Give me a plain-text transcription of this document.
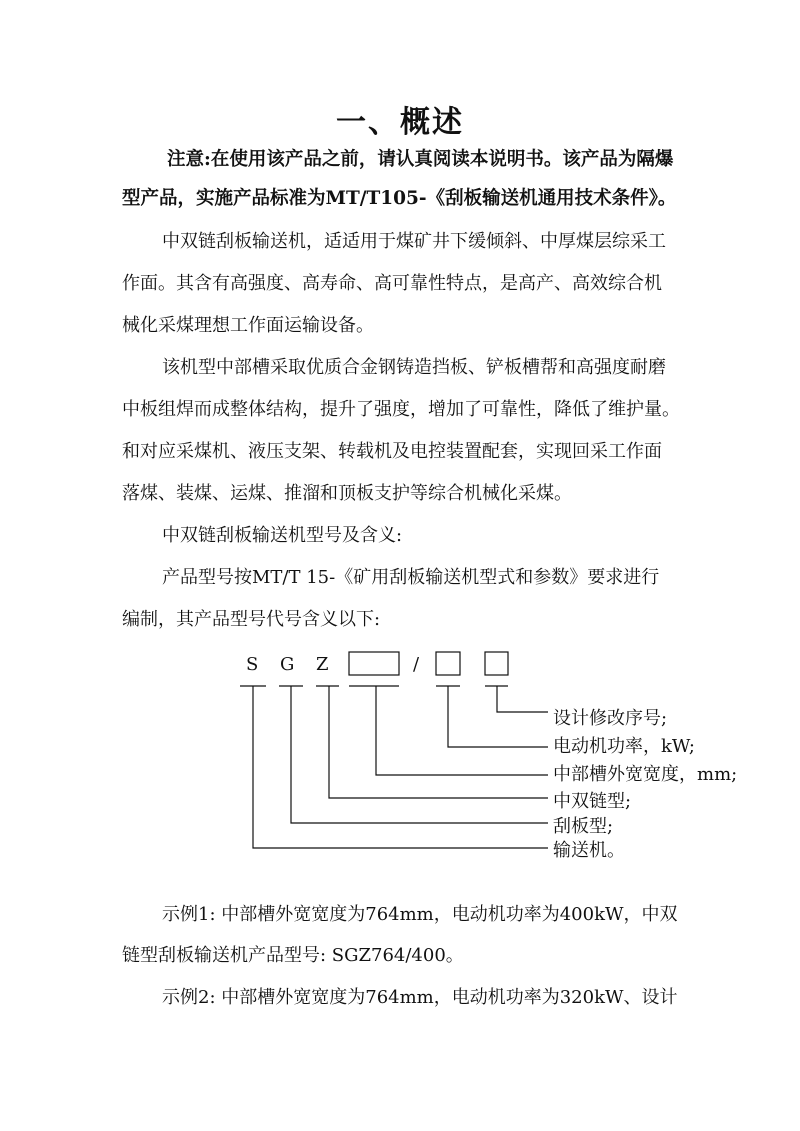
一、概述
注意:在使用该产品之前，请认真阅读本说明书。该产品为隔爆
型产品，实施产品标准为MT/T105-《刮板输送机通用技术条件》。
中双链刮板输送机，适适用于煤矿井下缓倾斜、中厚煤层综采工
作面。其含有高强度、高寿命、高可靠性特点，是高产、高效综合机
械化采煤理想工作面运输设备。
该机型中部槽采取优质合金钢铸造挡板、铲板槽帮和高强度耐磨
中板组焊而成整体结构，提升了强度，增加了可靠性，降低了维护量。
和对应采煤机、液压支架、转载机及电控装置配套，实现回采工作面
落煤、装煤、运煤、推溜和顶板支护等综合机械化采煤。
中双链刮板输送机型号及含义:
产品型号按MT/T 15-《矿用刮板输送机型式和参数》要求进行
编制，其产品型号代号含义以下:
S G Z	/
设计修改序号;
电动机功率，kW;
中部槽外宽宽度，mm;
中双链型;
刮板型;
输送机。
示例1: 中部槽外宽宽度为764mm，电动机功率为400kW，中双
链型刮板输送机产品型号: SGZ764/400。
示例2: 中部槽外宽宽度为764mm，电动机功率为320kW、设计
